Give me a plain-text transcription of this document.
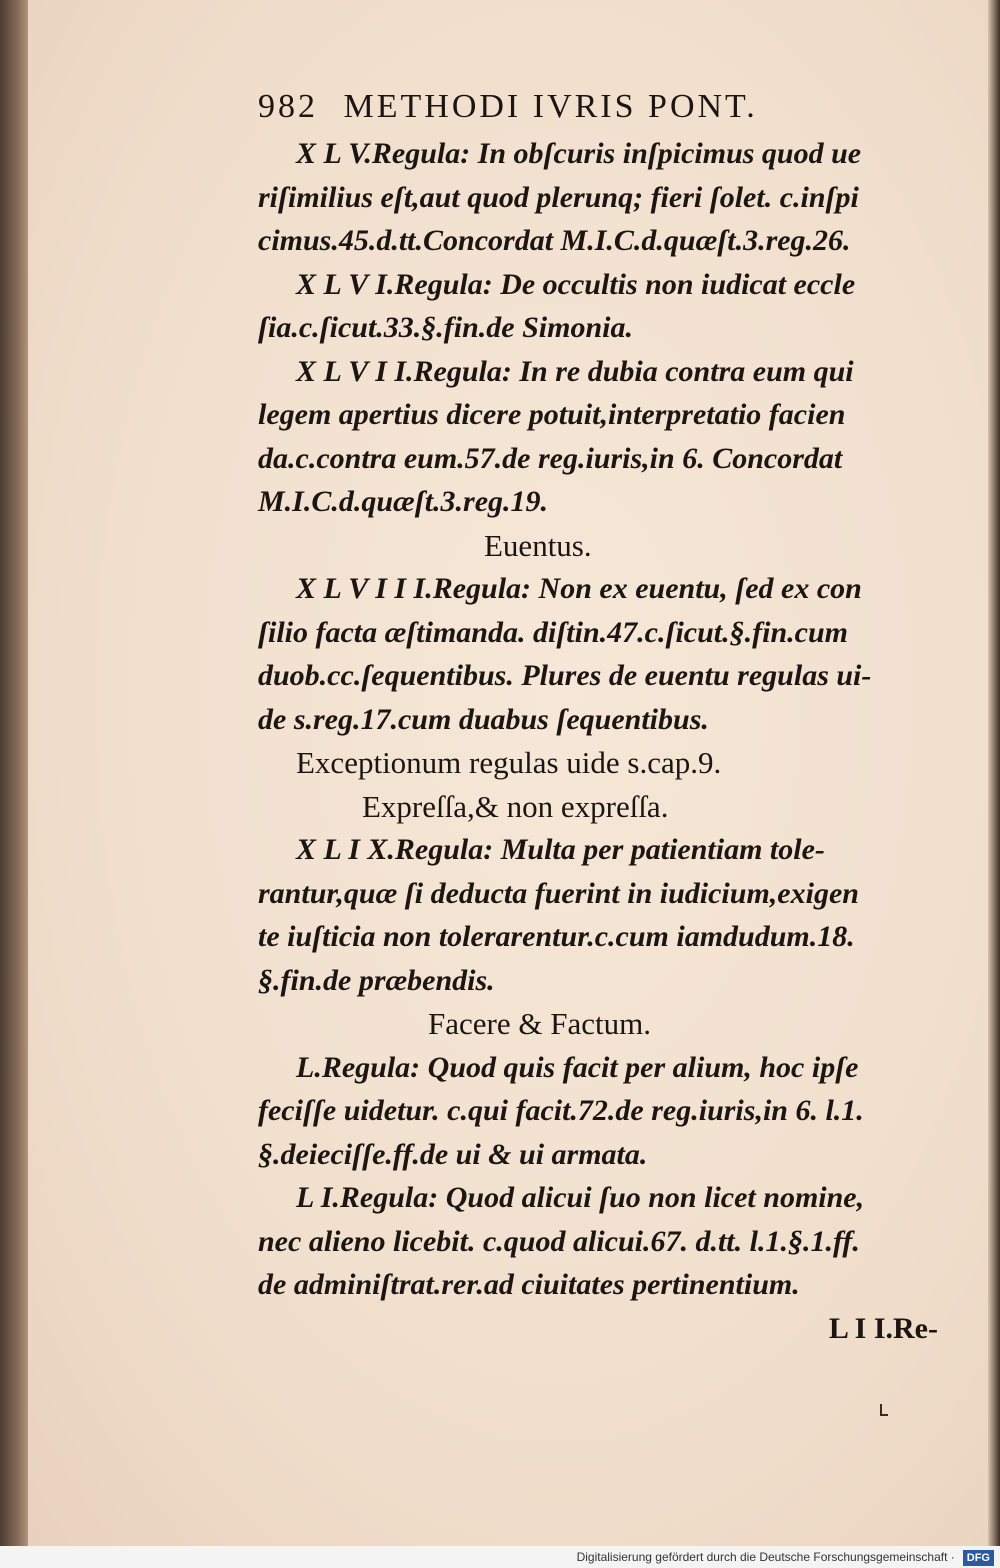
982 METHODI IVRIS PONT.
X L V.Regula: In obſcuris inſpicimus quod ue
riſimilius eſt,aut quod plerunq; fieri ſolet. c.inſpi
cimus.45.d.tt.Concordat M.I.C.d.quæſt.3.reg.26.
X L V I.Regula: De occultis non iudicat eccle
ſia.c.ſicut.33.§.fin.de Simonia.
X L V I I.Regula: In re dubia contra eum qui
legem apertius dicere potuit,interpretatio facien
da.c.contra eum.57.de reg.iuris,in 6. Concordat
M.I.C.d.quæſt.3.reg.19.
Euentus.
X L V I I I.Regula: Non ex euentu, ſed ex con
ſilio facta æſtimanda. diſtin.47.c.ſicut.§.fin.cum
duob.cc.ſequentibus. Plures de euentu regulas ui-
de s.reg.17.cum duabus ſequentibus.
Exceptionum regulas uide s.cap.9.
Expreſſa,& non expreſſa.
X L I X.Regula: Multa per patientiam tole-
rantur,quæ ſi deducta fuerint in iudicium,exigen
te iuſticia non tolerarentur.c.cum iamdudum.18.
§.fin.de præbendis.
Facere & Factum.
L.Regula: Quod quis facit per alium, hoc ipſe
feciſſe uidetur. c.qui facit.72.de reg.iuris,in 6. l.1.
§.deieciſſe.ff.de ui & ui armata.
L I.Regula: Quod alicui ſuo non licet nomine,
nec alieno licebit. c.quod alicui.67. d.tt. l.1.§.1.ff.
de adminiſtrat.rer.ad ciuitates pertinentium.
L I I.Re-
Digitalisierung gefördert durch die Deutsche Forschungsgemeinschaft · DFG
